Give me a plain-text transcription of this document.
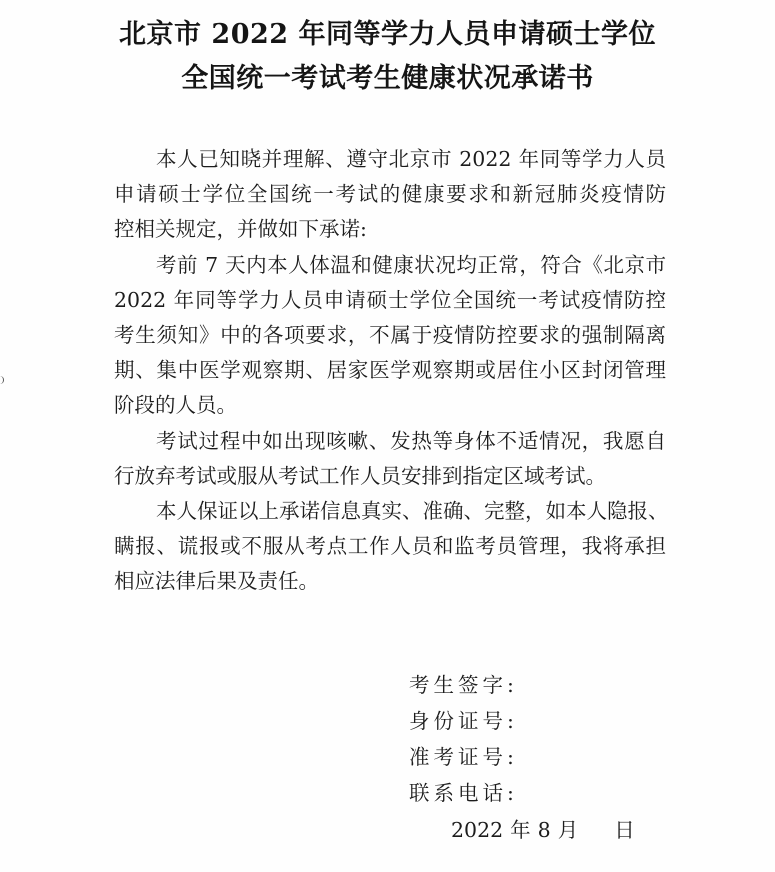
北京市 2022 年同等学力人员申请硕士学位
全国统一考试考生健康状况承诺书
本人已知晓并理解、遵守北京市 2022 年同等学力人员
申请硕士学位全国统一考试的健康要求和新冠肺炎疫情防
控相关规定，并做如下承诺:
考前 7 天内本人体温和健康状况均正常，符合《北京市
2022 年同等学力人员申请硕士学位全国统一考试疫情防控
考生须知》中的各项要求，不属于疫情防控要求的强制隔离
期、集中医学观察期、居家医学观察期或居住小区封闭管理
阶段的人员。
考试过程中如出现咳嗽、发热等身体不适情况，我愿自
行放弃考试或服从考试工作人员安排到指定区域考试。
本人保证以上承诺信息真实、准确、完整，如本人隐报、
瞒报、谎报或不服从考点工作人员和监考员管理，我将承担
相应法律后果及责任。
考生签字:
身份证号:
准考证号:
联系电话:
2022 年 8 月 日
